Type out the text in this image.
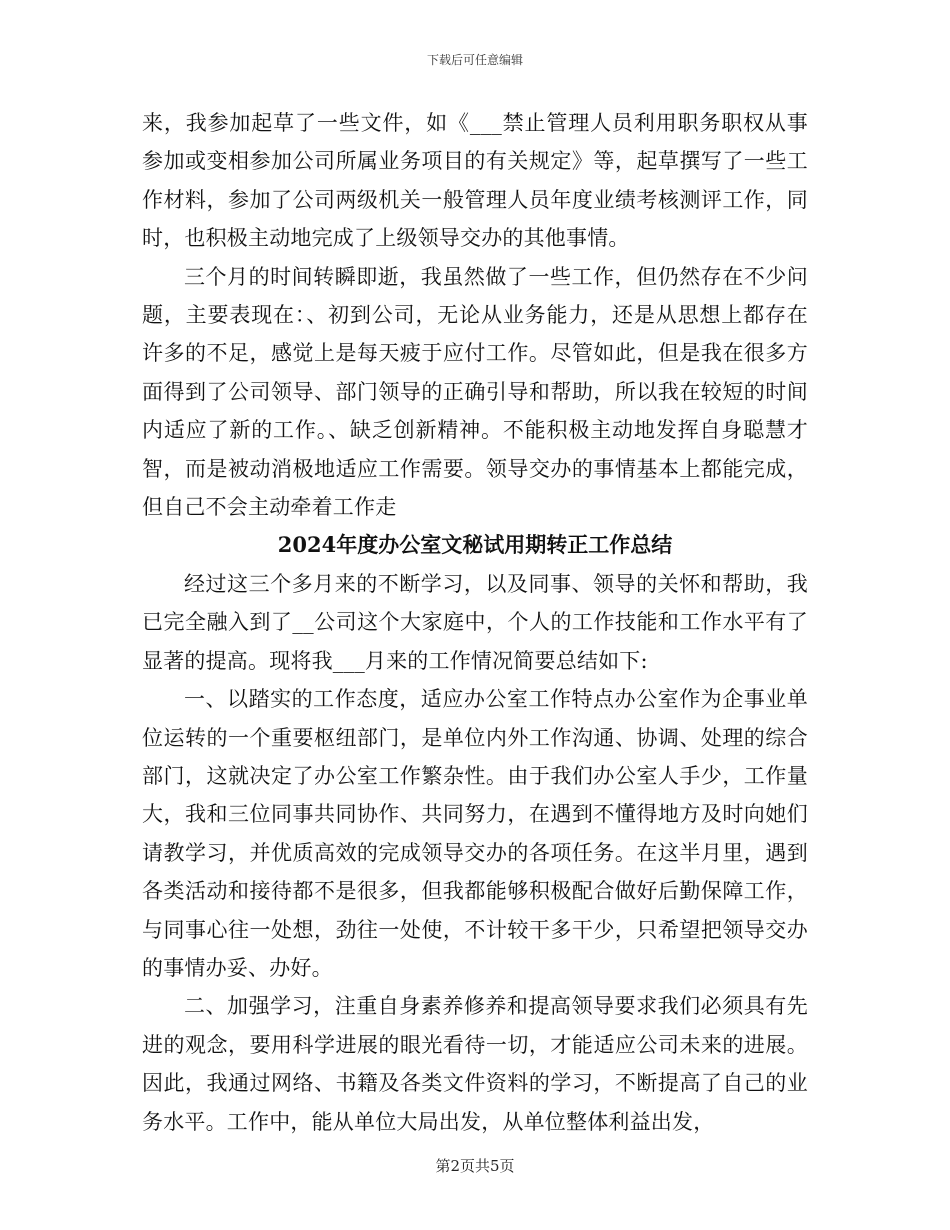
下载后可任意编辑

来，我参加起草了一些文件，如《___禁止管理人员利用职务职权从事参加或变相参加公司所属业务项目的有关规定》等，起草撰写了一些工作材料，参加了公司两级机关一般管理人员年度业绩考核测评工作，同时，也积极主动地完成了上级领导交办的其他事情。

三个月的时间转瞬即逝，我虽然做了一些工作，但仍然存在不少问题，主要表现在：、初到公司，无论从业务能力，还是从思想上都存在许多的不足，感觉上是每天疲于应付工作。尽管如此，但是我在很多方面得到了公司领导、部门领导的正确引导和帮助，所以我在较短的时间内适应了新的工作。、缺乏创新精神。不能积极主动地发挥自身聪慧才智，而是被动消极地适应工作需要。领导交办的事情基本上都能完成，但自己不会主动牵着工作走

2024年度办公室文秘试用期转正工作总结

经过这三个多月来的不断学习，以及同事、领导的关怀和帮助，我已完全融入到了__公司这个大家庭中，个人的工作技能和工作水平有了显著的提高。现将我___月来的工作情况简要总结如下:

一、以踏实的工作态度，适应办公室工作特点办公室作为企事业单位运转的一个重要枢纽部门，是单位内外工作沟通、协调、处理的综合部门，这就决定了办公室工作繁杂性。由于我们办公室人手少，工作量大，我和三位同事共同协作、共同努力，在遇到不懂得地方及时向她们请教学习，并优质高效的完成领导交办的各项任务。在这半月里，遇到各类活动和接待都不是很多，但我都能够积极配合做好后勤保障工作，与同事心往一处想，劲往一处使，不计较干多干少，只希望把领导交办的事情办妥、办好。

二、加强学习，注重自身素养修养和提高领导要求我们必须具有先进的观念，要用科学进展的眼光看待一切，才能适应公司未来的进展。因此，我通过网络、书籍及各类文件资料的学习，不断提高了自己的业务水平。工作中，能从单位大局出发，从单位整体利益出发，

第2页共5页
